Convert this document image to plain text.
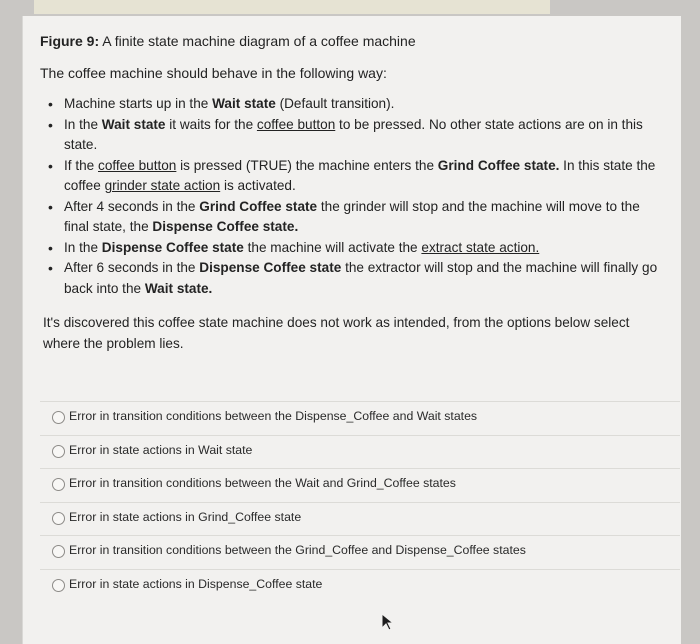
Figure 9: A finite state machine diagram of a coffee machine
The coffee machine should behave in the following way:
• Machine starts up in the Wait state (Default transition).
• In the Wait state it waits for the coffee button to be pressed. No other state actions are on in this state.
• If the coffee button is pressed (TRUE) the machine enters the Grind Coffee state. In this state the coffee grinder state action is activated.
• After 4 seconds in the Grind Coffee state the grinder will stop and the machine will move to the final state, the Dispense Coffee state.
• In the Dispense Coffee state the machine will activate the extract state action.
• After 6 seconds in the Dispense Coffee state the extractor will stop and the machine will finally go back into the Wait state.
It's discovered this coffee state machine does not work as intended, from the options below select where the problem lies.
Error in transition conditions between the Dispense_Coffee and Wait states
Error in state actions in Wait state
Error in transition conditions between the Wait and Grind_Coffee states
Error in state actions in Grind_Coffee state
Error in transition conditions between the Grind_Coffee and Dispense_Coffee states
Error in state actions in Dispense_Coffee state
